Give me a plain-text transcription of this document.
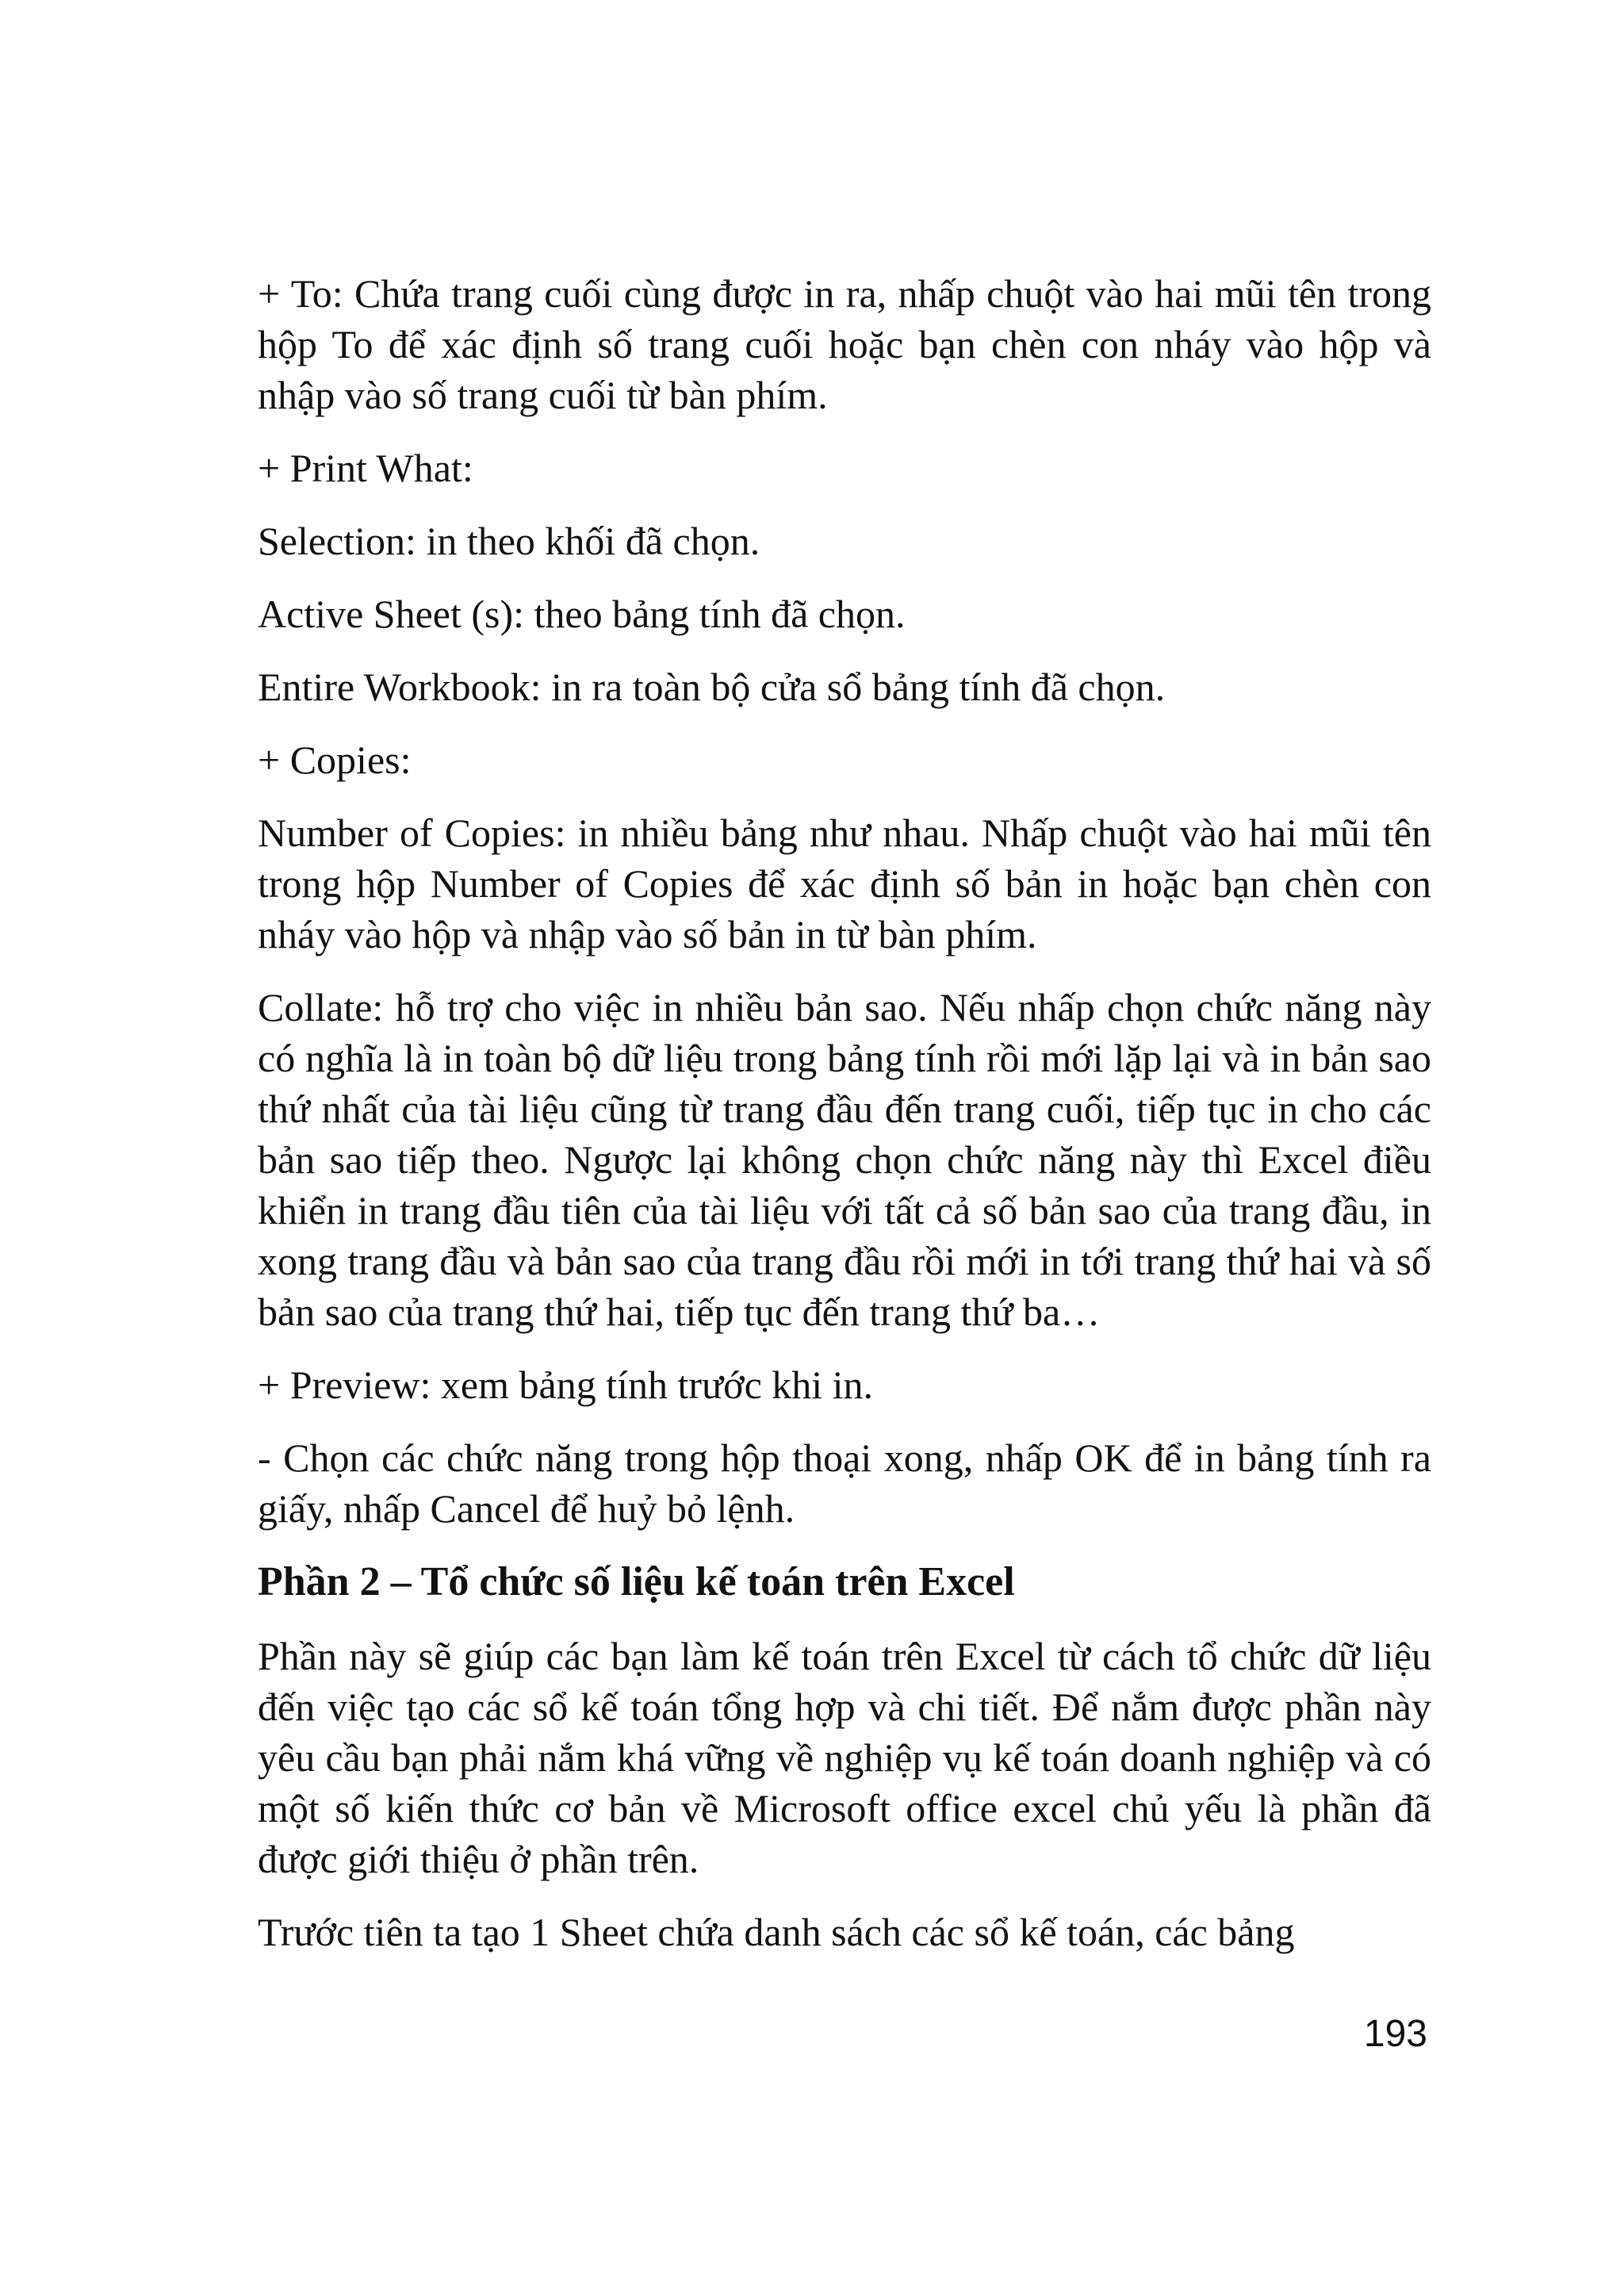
+ To: Chứa trang cuối cùng được in ra, nhấp chuột vào hai mũi tên trong hộp To để xác định số trang cuối hoặc bạn chèn con nháy vào hộp và nhập vào số trang cuối từ bàn phím.

+ Print What:

Selection: in theo khối đã chọn.

Active Sheet (s): theo bảng tính đã chọn.

Entire Workbook: in ra toàn bộ cửa sổ bảng tính đã chọn.

+ Copies:

Number of Copies: in nhiều bảng như nhau. Nhấp chuột vào hai mũi tên trong hộp Number of Copies để xác định số bản in hoặc bạn chèn con nháy vào hộp và nhập vào số bản in từ bàn phím.

Collate: hỗ trợ cho việc in nhiều bản sao. Nếu nhấp chọn chức năng này có nghĩa là in toàn bộ dữ liệu trong bảng tính rồi mới lặp lại và in bản sao thứ nhất của tài liệu cũng từ trang đầu đến trang cuối, tiếp tục in cho các bản sao tiếp theo. Ngược lại không chọn chức năng này thì Excel điều khiển in trang đầu tiên của tài liệu với tất cả số bản sao của trang đầu, in xong trang đầu và bản sao của trang đầu rồi mới in tới trang thứ hai và số bản sao của trang thứ hai, tiếp tục đến trang thứ ba…

+ Preview: xem bảng tính trước khi in.

- Chọn các chức năng trong hộp thoại xong, nhấp OK để in bảng tính ra giấy, nhấp Cancel để huỷ bỏ lệnh.

Phần 2 – Tổ chức số liệu kế toán trên Excel

Phần này sẽ giúp các bạn làm kế toán trên Excel từ cách tổ chức dữ liệu đến việc tạo các sổ kế toán tổng hợp và chi tiết. Để nắm được phần này yêu cầu bạn phải nắm khá vững về nghiệp vụ kế toán doanh nghiệp và có một số kiến thức cơ bản về Microsoft office excel chủ yếu là phần đã được giới thiệu ở phần trên.

Trước tiên ta tạo 1 Sheet chứa danh sách các sổ kế toán, các bảng

193
